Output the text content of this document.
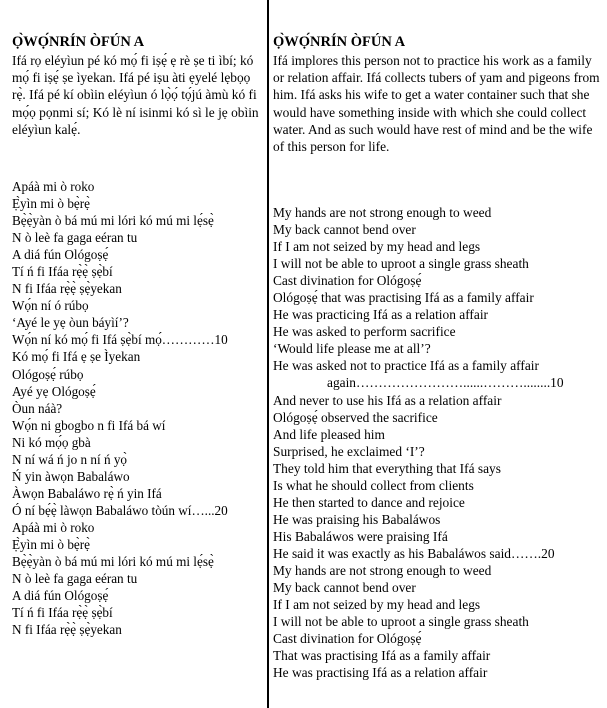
Ọ̀WỌ́NRÍN ÒFÚN A
Ifá rọ eléyìun pé kó mọ́ fi iṣẹ́ ẹ rè ṣe ti ìbí; kó mọ́ fi iṣẹ́ ṣe ìyekan. Ifá pé iṣu àti ẹyelé lẹbọọ rẹ̀. Ifá pé kí obìin eléyìun ó lọ̀ọ́ tọ́jú àmù kó fi mọ́ọ pọnmi sí; Kó lè ní isinmi kó sì le jẹ obìin eléyìun kalẹ́.
Apáà mi ò roko
Ẹ̀yìn mi ò bẹ̀rẹ̀
Bẹ̀ẹ̀yàn ò bá mú mi lóri kó mú mi lẹ́sẹ̀
N ò leè fa gaga eéran tu
A diá fún Ológoṣẹ́
Tí ń fi Ifáa rẹ̀ẹ̀ ṣẹ̀bí
N fi Ifáa rẹ̀ẹ̀ ṣẹ̀yekan
Wọ́n ní ó rúbọ
‘Ayé le yẹ òun báyìí’?
Wọ́n ní kó mọ́ fi Ifá ṣẹ̀bí mọ́…………10
Kó mọ́ fi Ifá ẹ ṣe Ìyekan
Ológoṣẹ́ rúbọ
Ayé yẹ Ológoṣẹ́
Òun náà?
Wọ́n ni gbogbo n fi Ifá bá wí
Ni kó mọ́ọ gbà
N ní wá ń jo n ní ń yọ̀
Ń yin àwọn Babaláwo
Àwọn Babaláwo rẹ̀ ń yin Ifá
Ó ní bẹ́ẹ̀ làwọn Babaláwo tòún wí…...20
Apáà mi ò roko
Ẹ̀yìn mi ò bẹ̀rẹ̀
Bẹ̀ẹ̀yàn ò bá mú mi lóri kó mú mi lẹ́sẹ̀
N ò leè fa gaga eéran tu
A diá fún Ológoṣẹ́
Tí ń fi Ifáa rẹ̀ẹ̀ ṣẹ̀bí
N fi Ifáa rẹ̀ẹ̀ ṣẹ̀yekan
Ọ̀WỌ́NRÍN ÒFÚN A
Ifá implores this person not to practice his work as a family or relation affair. Ifá collects tubers of yam and pigeons from him. Ifá asks his wife to get a water container such that she would have something inside with which she could collect water. And as such would have rest of mind and be the wife of this person for life.
My hands are not strong enough to weed
My back cannot bend over
If I am not seized by my head and legs
I will not be able to uproot a single grass sheath
Cast divination for Ológoṣẹ́
Ológoṣẹ́ that was practising Ifá as a family affair
He was practicing Ifá as a relation affair
He was asked to perform sacrifice
‘Would life please me at all’?
He was asked not to practice Ifá as a family affair
again……………………......………........10
And never to use his Ifá as a relation affair
Ológoṣẹ́ observed the sacrifice
And life pleased him
Surprised, he exclaimed ‘I’?
They told him that everything that Ifá says
Is what he should collect from clients
He then started to dance and rejoice
He was praising his Babaláwos
His Babaláwos were praising Ifá
He said it was exactly as his Babaláwos said…….20
My hands are not strong enough to weed
My back cannot bend over
If I am not seized by my head and legs
I will not be able to uproot a single grass sheath
Cast divination for Ológoṣẹ́
That was practising Ifá as a family affair
He was practising Ifá as a relation affair
